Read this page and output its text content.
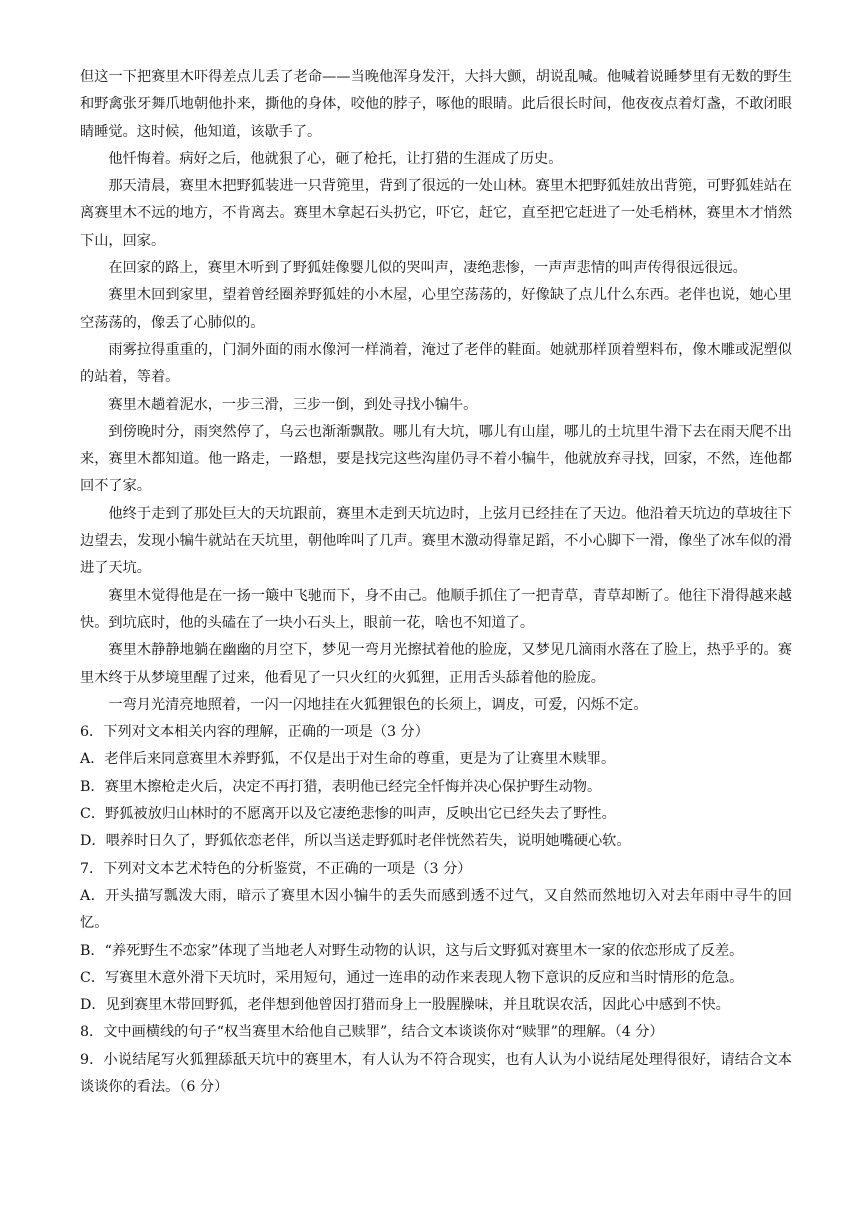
但这一下把赛里木吓得差点儿丢了老命——当晚他浑身发汗，大抖大颤，胡说乱喊。他喊着说睡梦里有无数的野生和野禽张牙舞爪地朝他扑来，撕他的身体，咬他的脖子，啄他的眼睛。此后很长时间，他夜夜点着灯盏，不敢闭眼睛睡觉。这时候，他知道，该歇手了。

他忏悔着。病好之后，他就狠了心，砸了枪托，让打猎的生涯成了历史。

那天清晨，赛里木把野狐装进一只背篼里，背到了很远的一处山林。赛里木把野狐娃放出背篼，可野狐娃站在离赛里木不远的地方，不肯离去。赛里木拿起石头扔它，吓它，赶它，直至把它赶进了一处毛梢林，赛里木才悄然下山，回家。

在回家的路上，赛里木听到了野狐娃像婴儿似的哭叫声，凄绝悲惨，一声声悲情的叫声传得很远很远。

赛里木回到家里，望着曾经圈养野狐娃的小木屋，心里空荡荡的，好像缺了点儿什么东西。老伴也说，她心里空荡荡的，像丢了心肺似的。

雨雾拉得重重的，门洞外面的雨水像河一样淌着，淹过了老伴的鞋面。她就那样顶着塑料布，像木雕或泥塑似的站着，等着。

赛里木趟着泥水，一步三滑，三步一倒，到处寻找小犏牛。

到傍晚时分，雨突然停了，乌云也渐渐飘散。哪儿有大坑，哪儿有山崖，哪儿的土坑里牛滑下去在雨天爬不出来，赛里木都知道。他一路走，一路想，要是找完这些沟崖仍寻不着小犏牛，他就放弃寻找，回家，不然，连他都回不了家。

他终于走到了那处巨大的天坑跟前，赛里木走到天坑边时，上弦月已经挂在了天边。他沿着天坑边的草坡往下边望去，发现小犏牛就站在天坑里，朝他哞叫了几声。赛里木激动得靠足蹈，不小心脚下一滑，像坐了冰车似的滑进了天坑。

赛里木觉得他是在一扬一簸中飞驰而下，身不由己。他顺手抓住了一把青草，青草却断了。他往下滑得越来越快。到坑底时，他的头磕在了一块小石头上，眼前一花，啥也不知道了。

赛里木静静地躺在幽幽的月空下，梦见一弯月光擦拭着他的脸庞，又梦见几滴雨水落在了脸上，热乎乎的。赛里木终于从梦境里醒了过来，他看见了一只火红的火狐狸，正用舌头舔着他的脸庞。

一弯月光清亮地照着，一闪一闪地挂在火狐狸银色的长须上，调皮，可爱，闪烁不定。

6．下列对文本相关内容的理解，正确的一项是（3 分）

A．老伴后来同意赛里木养野狐，不仅是出于对生命的尊重，更是为了让赛里木赎罪。

B．赛里木擦枪走火后，决定不再打猎，表明他已经完全忏悔并决心保护野生动物。

C．野狐被放归山林时的不愿离开以及它凄绝悲惨的叫声，反映出它已经失去了野性。

D．喂养时日久了，野狐依恋老伴，所以当送走野狐时老伴恍然若失，说明她嘴硬心软。

7．下列对文本艺术特色的分析鉴赏，不正确的一项是（3 分）

A．开头描写瓢泼大雨，暗示了赛里木因小犏牛的丢失而感到透不过气，又自然而然地切入对去年雨中寻牛的回忆。

B．“养死野生不恋家”体现了当地老人对野生动物的认识，这与后文野狐对赛里木一家的依恋形成了反差。

C．写赛里木意外滑下天坑时，采用短句，通过一连串的动作来表现人物下意识的反应和当时情形的危急。

D．见到赛里木带回野狐，老伴想到他曾因打猎而身上一股腥臊味，并且耽误农活，因此心中感到不快。

8．文中画横线的句子“权当赛里木给他自己赎罪”，结合文本谈谈你对“赎罪”的理解。（4 分）

9．小说结尾写火狐狸舔舐天坑中的赛里木，有人认为不符合现实，也有人认为小说结尾处理得很好，请结合文本谈谈你的看法。（6 分）
